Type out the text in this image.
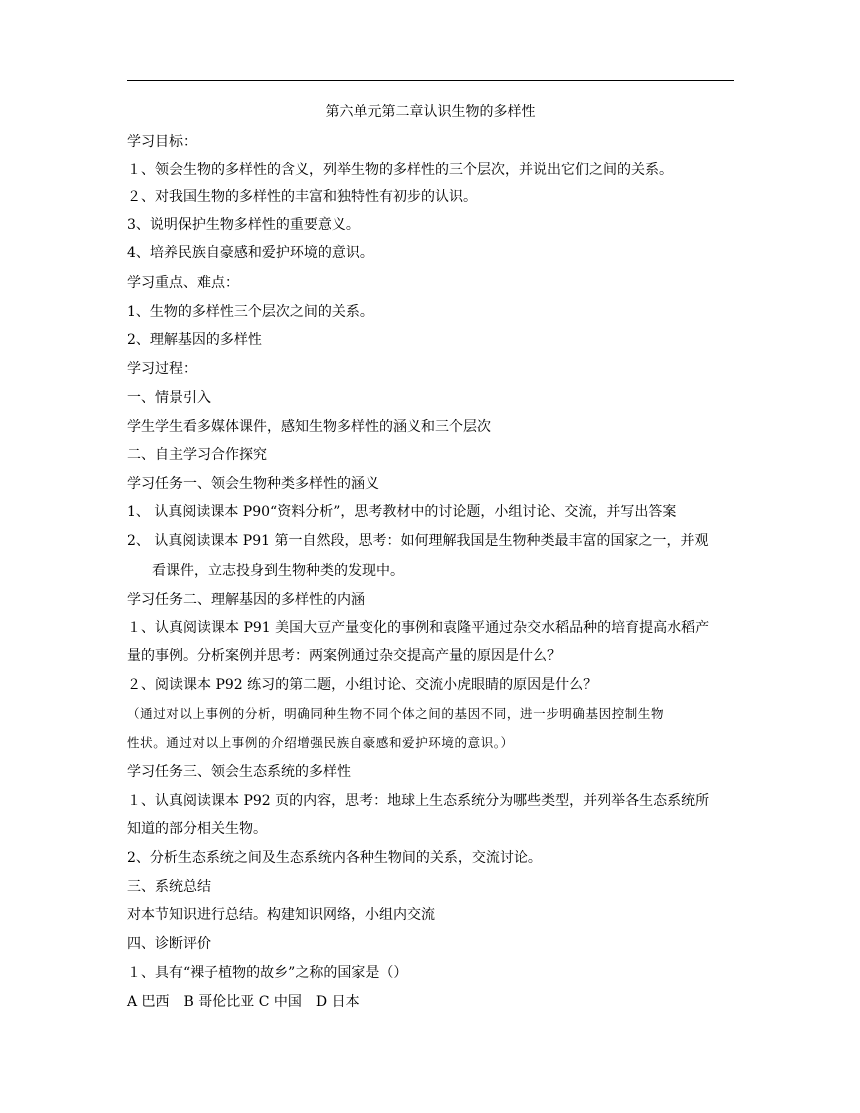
第六单元第二章认识生物的多样性
学习目标：
１、领会生物的多样性的含义，列举生物的多样性的三个层次，并说出它们之间的关系。
２、对我国生物的多样性的丰富和独特性有初步的认识。
3、说明保护生物多样性的重要意义。
4、培养民族自豪感和爱护环境的意识。
学习重点、难点：
1、生物的多样性三个层次之间的关系。
2、理解基因的多样性
学习过程：
一、情景引入
学生学生看多媒体课件，感知生物多样性的涵义和三个层次
二、自主学习合作探究
学习任务一、领会生物种类多样性的涵义
1、 认真阅读课本 P90“资料分析”，思考教材中的讨论题，小组讨论、交流，并写出答案
2、 认真阅读课本 P91 第一自然段，思考：如何理解我国是生物种类最丰富的国家之一，并观
看课件，立志投身到生物种类的发现中。
学习任务二、理解基因的多样性的内涵
１、认真阅读课本 P91 美国大豆产量变化的事例和袁隆平通过杂交水稻品种的培育提高水稻产
量的事例。分析案例并思考：两案例通过杂交提高产量的原因是什么？
２、阅读课本 P92 练习的第二题，小组讨论、交流小虎眼睛的原因是什么？
（通过对以上事例的分析，明确同种生物不同个体之间的基因不同，进一步明确基因控制生物
性状。通过对以上事例的介绍增强民族自豪感和爱护环境的意识。）
学习任务三、领会生态系统的多样性
１、认真阅读课本 P92 页的内容，思考：地球上生态系统分为哪些类型，并列举各生态系统所
知道的部分相关生物。
2、分析生态系统之间及生态系统内各种生物间的关系，交流讨论。
三、系统总结
对本节知识进行总结。构建知识网络，小组内交流
四、诊断评价
１、具有“裸子植物的故乡”之称的国家是（）
A 巴西　B 哥伦比亚 C 中国　D 日本
